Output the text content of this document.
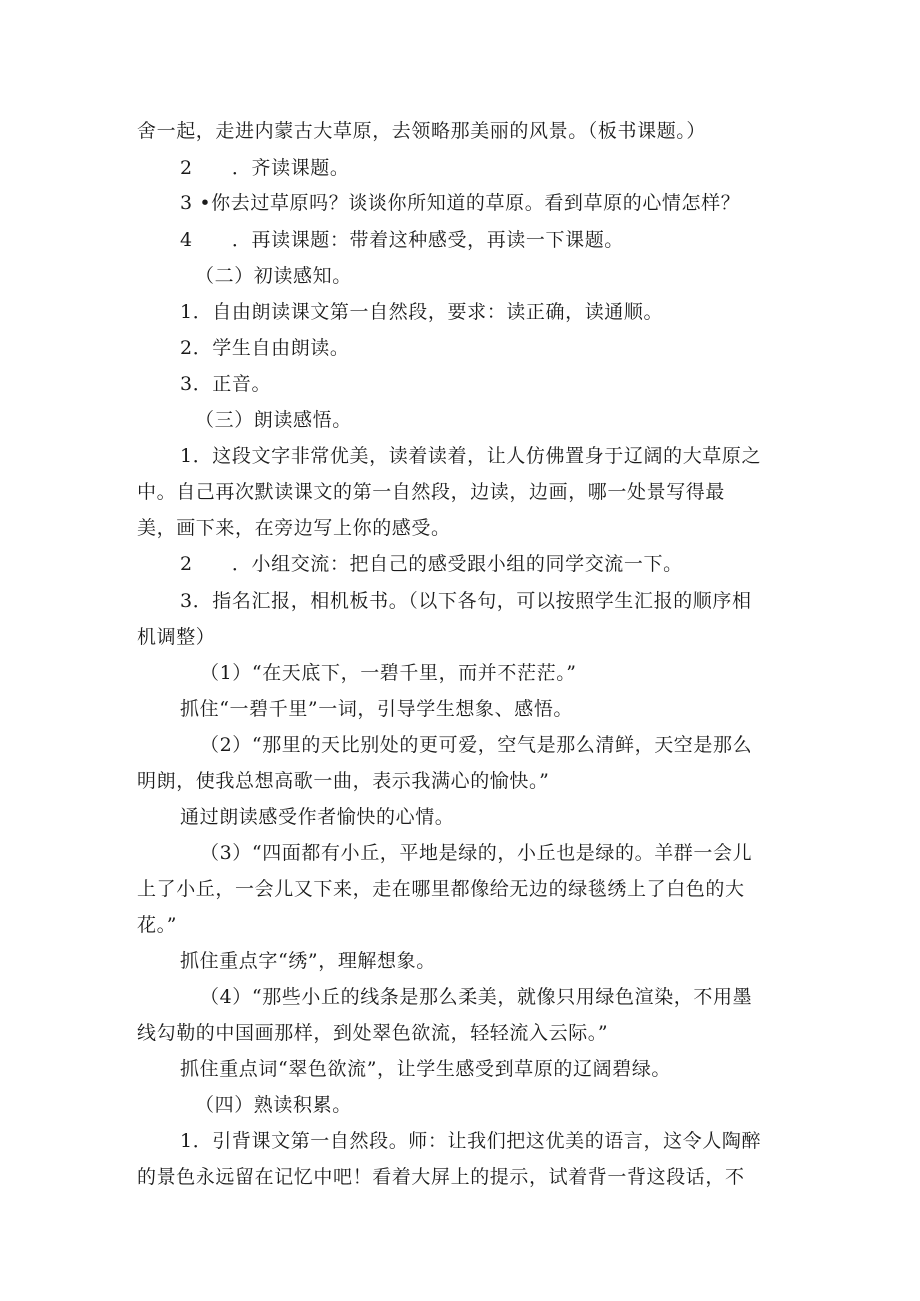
舍一起，走进内蒙古大草原，去领略那美丽的风景。（板书课题。）

2　　．齐读课题。

3 •你去过草原吗？谈谈你所知道的草原。看到草原的心情怎样？

4　　．再读课题：带着这种感受，再读一下课题。

（二）初读感知。

1．自由朗读课文第一自然段，要求：读正确，读通顺。

2．学生自由朗读。

3．正音。

（三）朗读感悟。

1．这段文字非常优美，读着读着，让人仿佛置身于辽阔的大草原之

中。自己再次默读课文的第一自然段，边读，边画，哪一处景写得最

美，画下来，在旁边写上你的感受。

2　　．小组交流：把自己的感受跟小组的同学交流一下。

3．指名汇报，相机板书。（以下各句，可以按照学生汇报的顺序相

机调整）

（1）“在天底下，一碧千里，而并不茫茫。”

抓住“一碧千里”一词，引导学生想象、感悟。

（2）“那里的天比别处的更可爱，空气是那么清鲜，天空是那么

明朗，使我总想高歌一曲，表示我满心的愉快。”

通过朗读感受作者愉快的心情。

（3）“四面都有小丘，平地是绿的，小丘也是绿的。羊群一会儿

上了小丘，一会儿又下来，走在哪里都像给无边的绿毯绣上了白色的大

花。”

抓住重点字“绣”，理解想象。

（4）“那些小丘的线条是那么柔美，就像只用绿色渲染，不用墨

线勾勒的中国画那样，到处翠色欲流，轻轻流入云际。”

抓住重点词“翠色欲流”，让学生感受到草原的辽阔碧绿。

（四）熟读积累。

1．引背课文第一自然段。师：让我们把这优美的语言，这令人陶醉

的景色永远留在记忆中吧！看着大屏上的提示，试着背一背这段话，不
